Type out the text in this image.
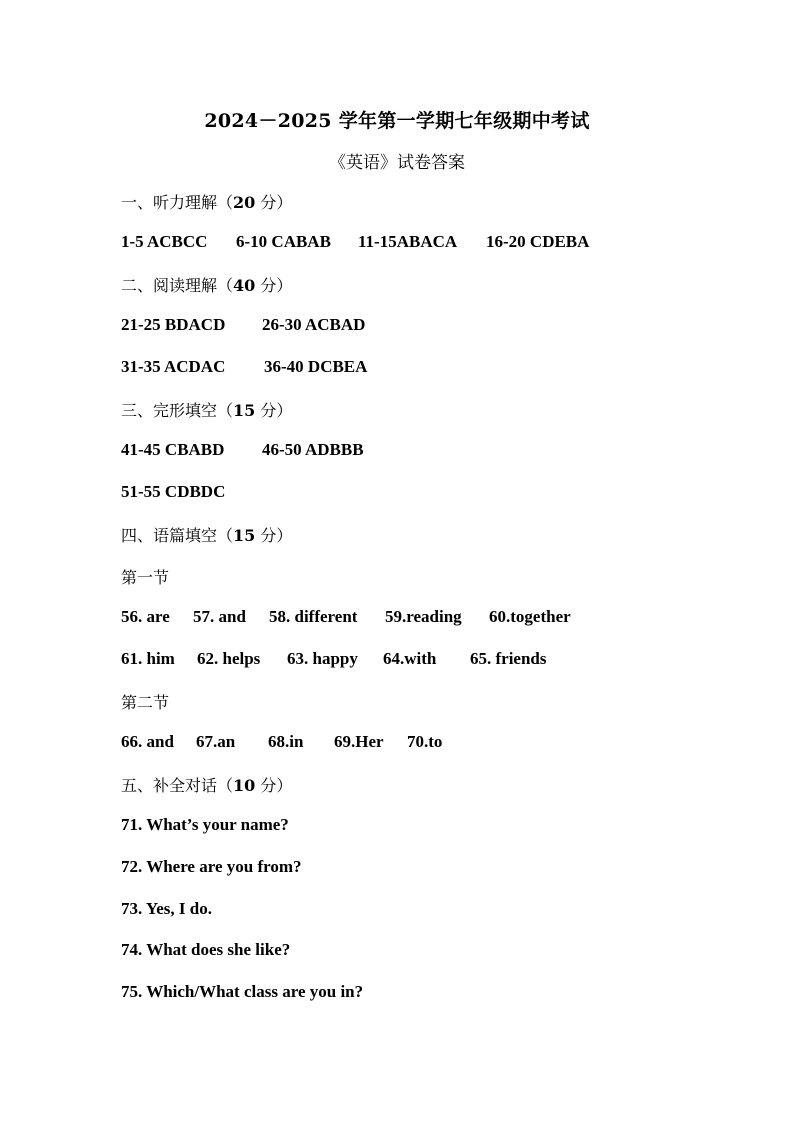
2024－2025 学年第一学期七年级期中考试
《英语》试卷答案
一、听力理解（20 分）
1-5 ACBCC 6-10 CABAB 11-15ABACA 16-20 CDEBA
二、阅读理解（40 分）
21-25 BDACD 26-30 ACBAD
31-35 ACDAC 36-40 DCBEA
三、完形填空（15 分）
41-45 CBABD 46-50 ADBBB
51-55 CDBDC
四、语篇填空（15 分）
第一节
56. are 57. and 58. different 59.reading 60.together
61. him 62. helps 63. happy 64.with 65. friends
第二节
66. and 67.an 68.in 69.Her 70.to
五、补全对话（10 分）
71. What’s your name?
72. Where are you from?
73. Yes, I do.
74. What does she like?
75. Which/What class are you in?
